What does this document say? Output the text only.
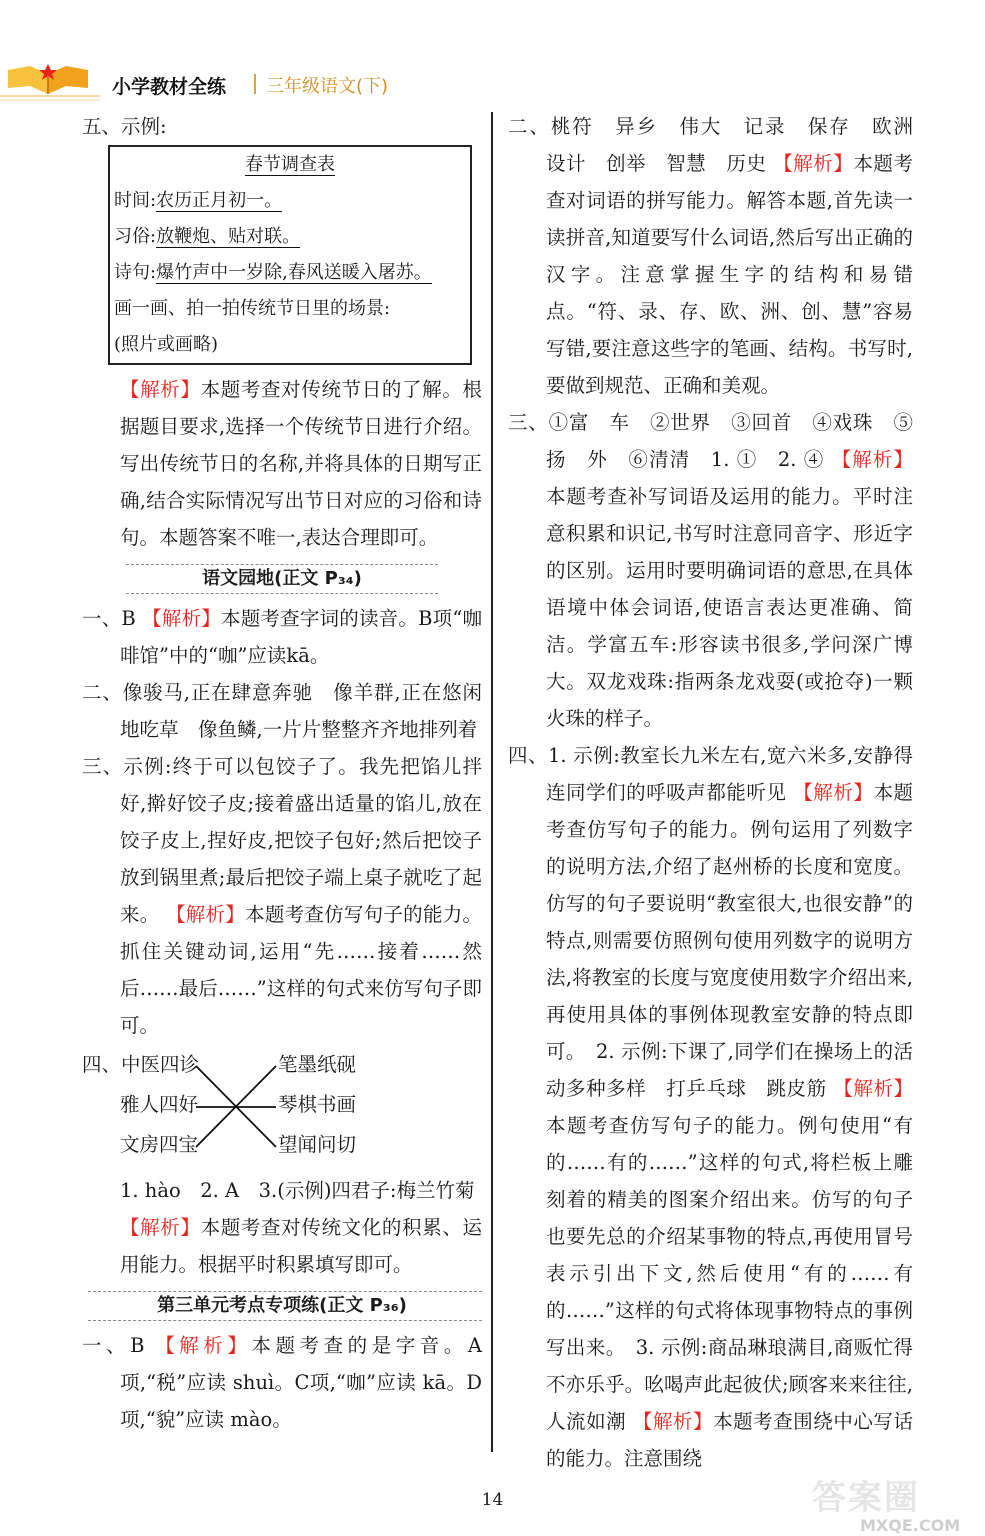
小学教材全练 三年级语文(下)

五、示例:

春节调查表
时间:农历正月初一。
习俗:放鞭炮、贴对联。
诗句:爆竹声中一岁除,春风送暖入屠苏。
画一画、拍一拍传统节日里的场景:
(照片或画略)

【解析】本题考查对传统节日的了解。根据题目要求,选择一个传统节日进行介绍。写出传统节日的名称,并将具体的日期写正确,结合实际情况写出节日对应的习俗和诗句。本题答案不唯一,表达合理即可。

语文园地(正文 P₃₄)

一、B 【解析】本题考查字词的读音。B项“咖啡馆”中的“咖”应读kā。

二、像骏马,正在肆意奔驰　像羊群,正在悠闲地吃草　像鱼鳞,一片片整整齐齐地排列着

三、示例:终于可以包饺子了。我先把馅儿拌好,擀好饺子皮;接着盛出适量的馅儿,放在饺子皮上,捏好皮,把饺子包好;然后把饺子放到锅里煮;最后把饺子端上桌子就吃了起来。 【解析】本题考查仿写句子的能力。抓住关键动词,运用“先……接着……然后……最后……”这样的句式来仿写句子即可。

四、中医四诊
雅人四好
文房四宝
笔墨纸砚
琴棋书画
望闻问切

1. hào　2. A　3.(示例)四君子:梅兰竹菊

【解析】本题考查对传统文化的积累、运用能力。根据平时积累填写即可。

第三单元考点专项练(正文 P₃₆)

一、B 【解析】本题考查的是字音。A项,“税”应读 shuì。C项,“咖”应读 kā。D项,“貌”应读 mào。

二、桃符　异乡　伟大　记录　保存　欧洲　设计　创举　智慧　历史 【解析】本题考查对词语的拼写能力。解答本题,首先读一读拼音,知道要写什么词语,然后写出正确的汉字。注意掌握生字的结构和易错点。“符、录、存、欧、洲、创、慧”容易写错,要注意这些字的笔画、结构。书写时,要做到规范、正确和美观。

三、①富　车　②世界　③回首　④戏珠　⑤扬　外　⑥清清　1. ①　2. ④ 【解析】本题考查补写词语及运用的能力。平时注意积累和识记,书写时注意同音字、形近字的区别。运用时要明确词语的意思,在具体语境中体会词语,使语言表达更准确、简洁。学富五车:形容读书很多,学问深广博大。双龙戏珠:指两条龙戏耍(或抢夺)一颗火珠的样子。

四、1. 示例:教室长九米左右,宽六米多,安静得连同学们的呼吸声都能听见 【解析】本题考查仿写句子的能力。例句运用了列数字的说明方法,介绍了赵州桥的长度和宽度。仿写的句子要说明“教室很大,也很安静”的特点,则需要仿照例句使用列数字的说明方法,将教室的长度与宽度使用数字介绍出来,再使用具体的事例体现教室安静的特点即可。　2. 示例:下课了,同学们在操场上的活动多种多样　打乒乓球　跳皮筋 【解析】本题考查仿写句子的能力。例句使用“有的……有的……”这样的句式,将栏板上雕刻着的精美的图案介绍出来。仿写的句子也要先总的介绍某事物的特点,再使用冒号表示引出下文,然后使用“有的……有的……”这样的句式将体现事物特点的事例写出来。　3. 示例:商品琳琅满目,商贩忙得不亦乐乎。吆喝声此起彼伏;顾客来来往往,人流如潮 【解析】本题考查围绕中心写话的能力。注意围绕

14	答案圈
MXQE.COM
